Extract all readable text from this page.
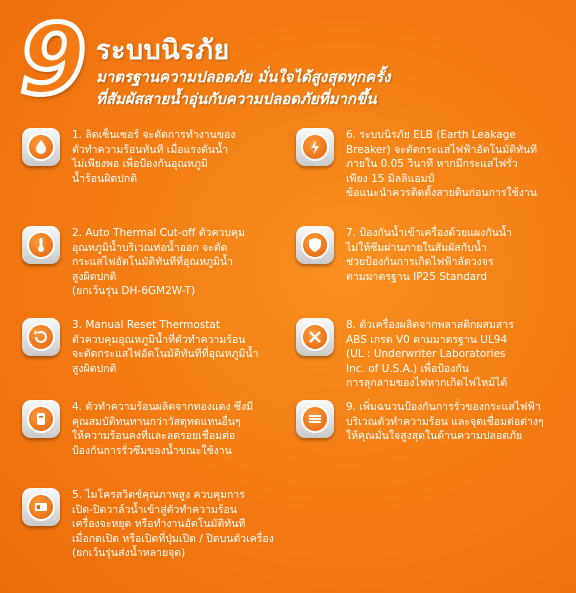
9 ระบบนิรภัย
มาตรฐานความปลอดภัย มั่นใจได้สูงสุดทุกครั้ง
ที่สัมผัสสายน้ำอุ่นกับความปลอดภัยที่มากขึ้น
1. ลิดเซ็นเซอร์ จะตัดการทำงานของ
ตัวทำความร้อนทันที เมื่อแรงดันน้ำ
ไม่เพียงพอ เพื่อป้องกันอุณหภูมิ
น้ำร้อนผิดปกติ
2. Auto Thermal Cut-off ตัวควบคุม
อุณหภูมิน้ำบริเวณท่อน้ำออก จะตัด
กระแสไฟอัตโนมัติทันทีที่อุณหภูมิน้ำ
สูงผิดปกติ
(ยกเว้นรุ่น DH-6GM2W-T)
3. Manual Reset Thermostat
ตัวควบคุมอุณหภูมิน้ำที่ตัวทำความร้อน
จะตัดกระแสไฟอัตโนมัติทันทีที่อุณหภูมิน้ำ
สูงผิดปกติ
4. ตัวทำความร้อนผลิตจากทองแดง ซึ่งมี
คุณสมบัติทนทานกว่าวัสดุทดแทนอื่นๆ
ให้ความร้อนคงที่และลดรอยเชื่อมต่อ
ป้องกันการรั่วซึมของน้ำขณะใช้งาน
5. ไมโครสวิตช์คุณภาพสูง ควบคุมการ
เปิด-ปิดวาล์วน้ำเข้าสู่ตัวทำความร้อน
เครื่องจะหยุด หรือทำงานอัตโนมัติทันที
เมื่อกดเปิด หรือเปิดที่ปุ่มเปิด / ปิดบนตัวเครื่อง
(ยกเว้นรุ่นส่งน้ำหลายจุด)
6. ระบบนิรภัย ELB (Earth Leakage
Breaker) จะตัดกระแสไฟฟ้าอัตโนมัติทันที
ภายใน 0.05 วินาที หากมีกระแสไฟรั่ว
เพียง 15 มิลลิแอมป์
ข้อแนะนำควรติดตั้งสายดินก่อนการใช้งาน
7. ป้องกันน้ำเข้าเครื่องด้วยแผงกันน้ำ
ไม่ให้ซึมผ่านภายในสัมผัสกับน้ำ
ช่วยป้องกันการเกิดไฟฟ้าลัดวงจร
ตามมาตรฐาน IP25 Standard
8. ตัวเครื่องผลิตจากพลาสติกผสมสาร
ABS เกรด V0 ตามมาตรฐาน UL94
(UL : Underwriter Laboratories
Inc. of U.S.A.) เพื่อป้องกัน
การลุกลามของไฟหากเกิดไฟไหม้ได้
9. เพิ่มฉนวนป้องกันการรั่วของกระแสไฟฟ้า
บริเวณตัวทำความร้อน และจุดเชื่อมต่อต่างๆ
ให้คุณมั่นใจสูงสุดในด้านความปลอดภัย
